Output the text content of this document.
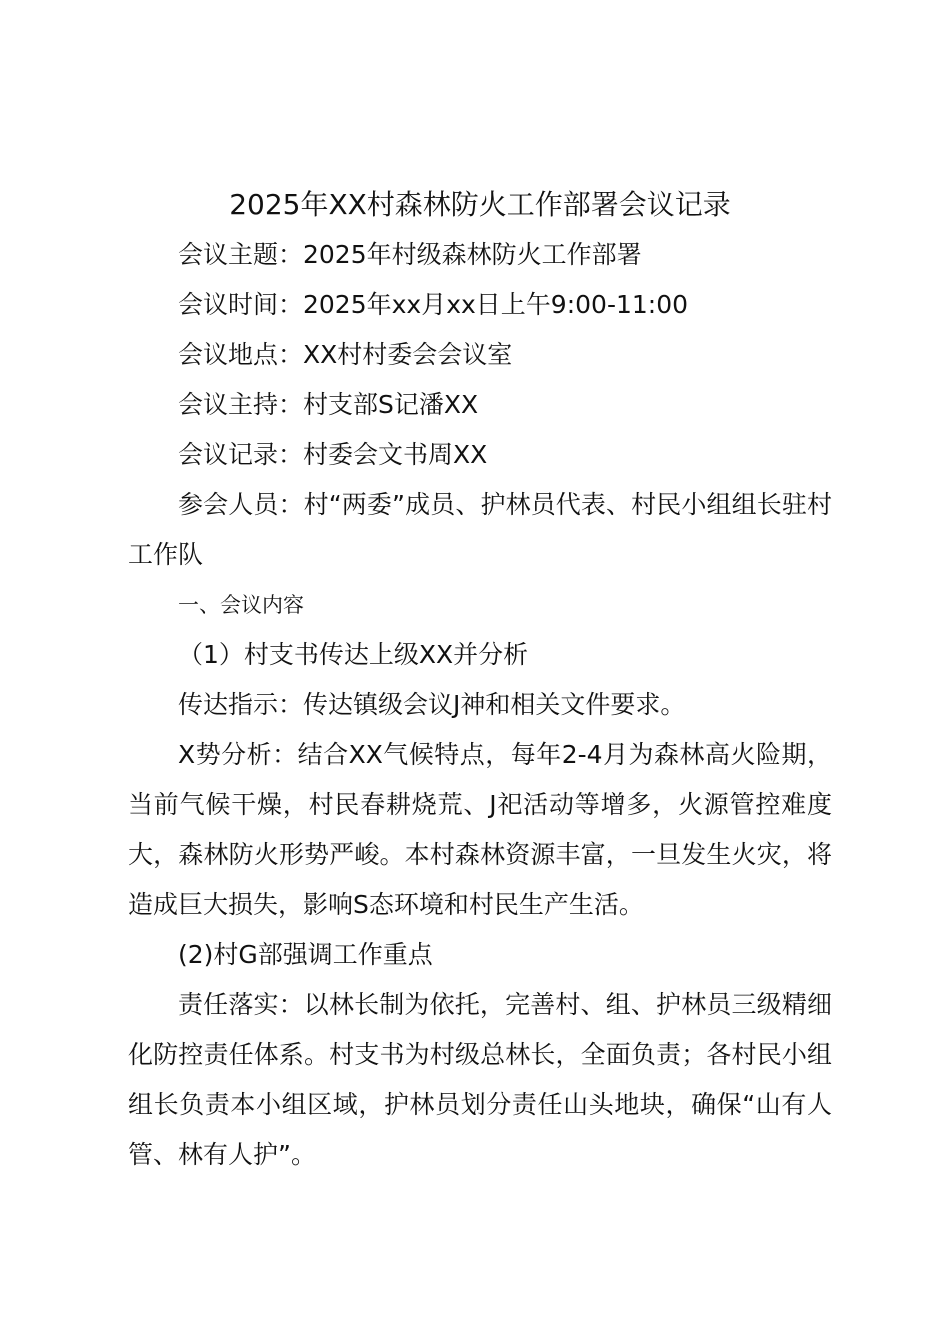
2025年XX村森林防火工作部署会议记录

会议主题：2025年村级森林防火工作部署

会议时间：2025年xx月xx日上午9:00-11:00

会议地点：XX村村委会会议室

会议主持：村支部S记潘XX

会议记录：村委会文书周XX

参会人员：村“两委”成员、护林员代表、村民小组组长驻村工作队

一、会议内容

（1）村支书传达上级XX并分析

传达指示：传达镇级会议J神和相关文件要求。

X势分析：结合XX气候特点，每年2-4月为森林高火险期，当前气候干燥，村民春耕烧荒、J祀活动等增多，火源管控难度大，森林防火形势严峻。本村森林资源丰富，一旦发生火灾，将造成巨大损失，影响S态环境和村民生产生活。

(2)村G部强调工作重点

责任落实：以林长制为依托，完善村、组、护林员三级精细化防控责任体系。村支书为村级总林长，全面负责；各村民小组组长负责本小组区域，护林员划分责任山头地块，确保“山有人管、林有人护”。
